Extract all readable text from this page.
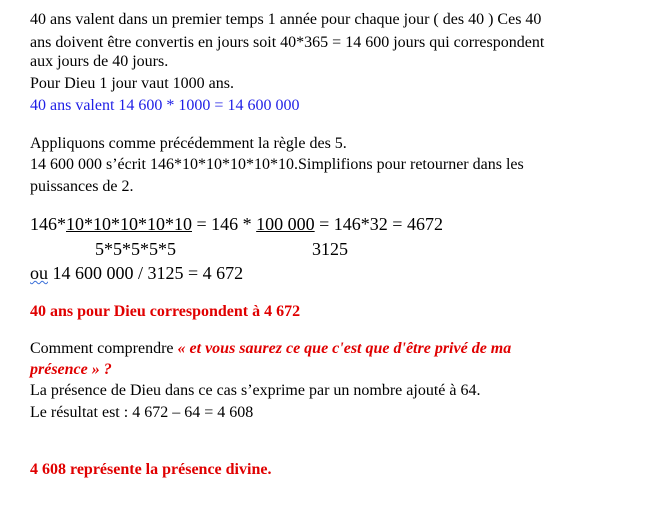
40 ans valent dans un premier temps 1 année pour chaque jour ( des 40 ) Ces 40
ans doivent être convertis en jours soit 40*365 = 14 600 jours qui correspondent
aux jours de 40 jours.
Pour Dieu 1 jour vaut 1000 ans.
40 ans valent 14 600 * 1000 = 14 600 000
Appliquons comme précédemment la règle des 5.
14 600 000 s’écrit 146*10*10*10*10*10.Simplifions pour retourner dans les
puissances de 2.
146*10*10*10*10*10 = 146 * 100 000 = 146*32 = 4672
5*5*5*5*5	3125
ou 14 600 000 / 3125 = 4 672
40 ans pour Dieu correspondent à 4 672
Comment comprendre « et vous saurez ce que c'est que d'être privé de ma
présence » ?
La présence de Dieu dans ce cas s’exprime par un nombre ajouté à 64.
Le résultat est : 4 672 – 64 = 4 608
4 608 représente la présence divine.
